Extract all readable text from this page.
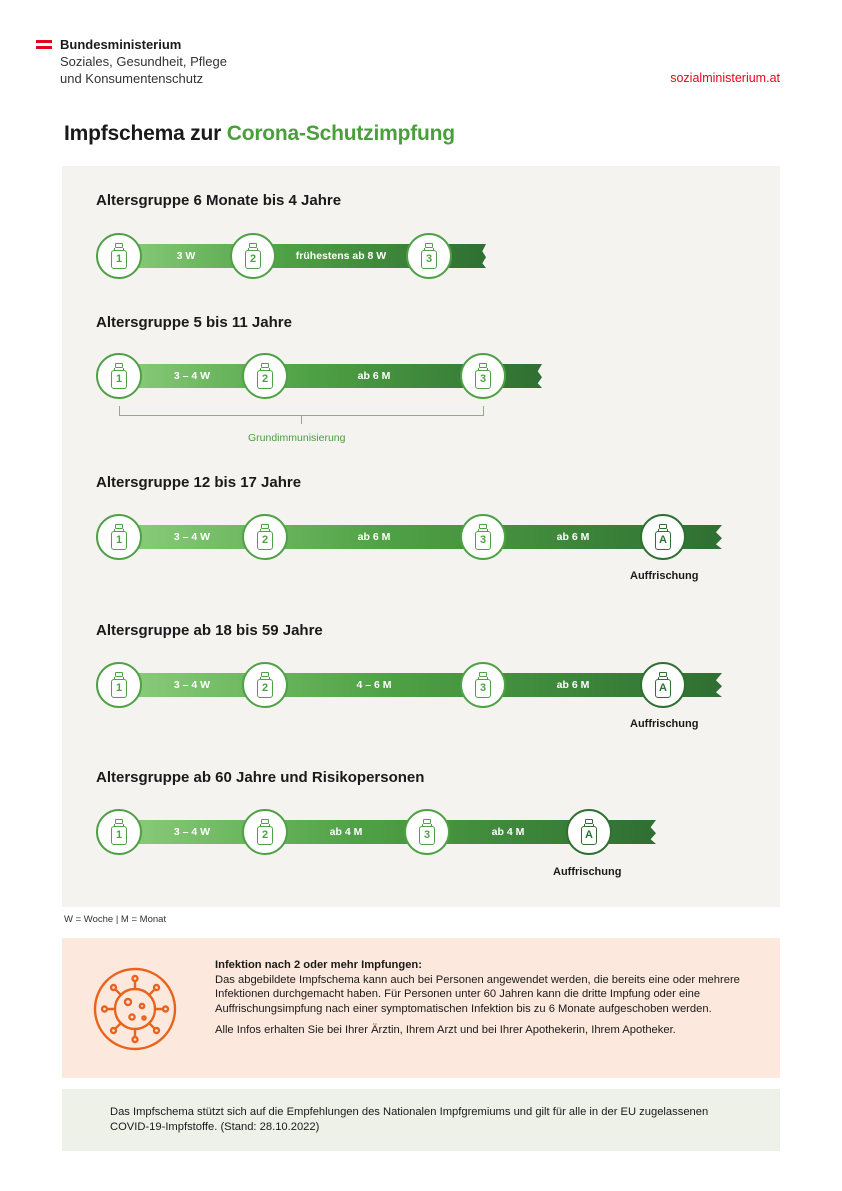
Bundesministerium
Soziales, Gesundheit, Pflege
und Konsumentenschutz	sozialministerium.at
Impfschema zur Corona-Schutzimpfung
Altersgruppe 6 Monate bis 4 Jahre
3 W	frühestens ab 8 W
1	2	3
Altersgruppe 5 bis 11 Jahre
3 – 4 W	ab 6 M
1	2	3
Grundimmunisierung
Altersgruppe 12 bis 17 Jahre
3 – 4 W	ab 6 M	ab 6 M
1	2	3	A
Auffrischung
Altersgruppe ab 18 bis 59 Jahre
3 – 4 W	4 – 6 M	ab 6 M
1	2	3	A
Auffrischung
Altersgruppe ab 60 Jahre und Risikopersonen
3 – 4 W	ab 4 M	ab 4 M
1	2	3	A
Auffrischung
W = Woche | M = Monat

Infektion nach 2 oder mehr Impfungen:
Das abgebildete Impfschema kann auch bei Personen angewendet werden, die bereits eine oder mehrere Infektionen durchgemacht haben. Für Personen unter 60 Jahren kann die dritte Impfung oder eine Auffrischungsimpfung nach einer symptomatischen Infektion bis zu 6 Monate aufgeschoben werden.

Alle Infos erhalten Sie bei Ihrer Ärztin, Ihrem Arzt und bei Ihrer Apothekerin, Ihrem Apotheker.

Das Impfschema stützt sich auf die Empfehlungen des Nationalen Impfgremiums und gilt für alle in der EU zugelassenen COVID-19-Impfstoffe. (Stand: 28.10.2022)
